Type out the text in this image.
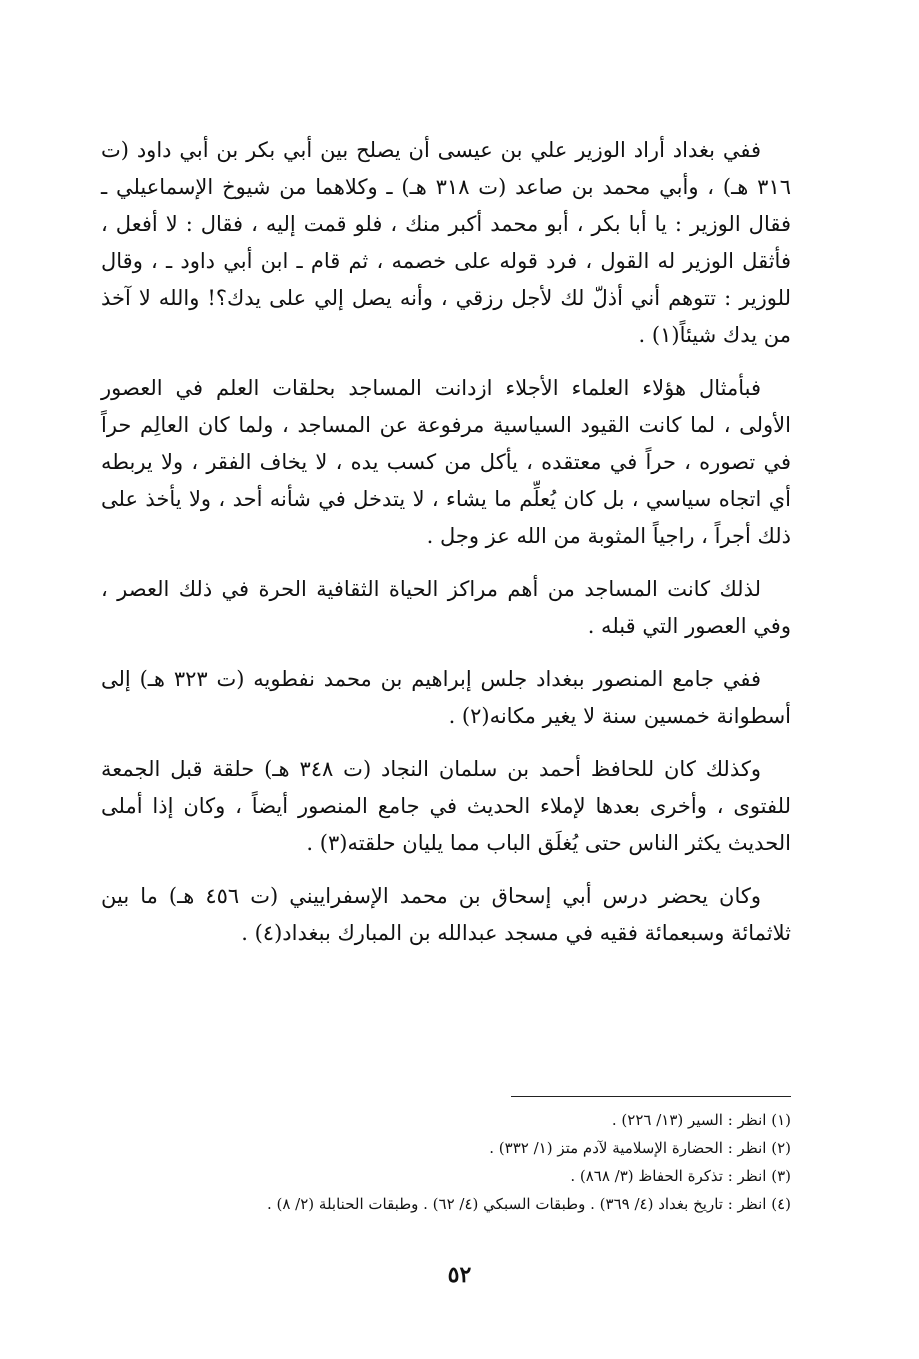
ففي بغداد أراد الوزير علي بن عيسى أن يصلح بين أبي بكر بن أبي داود (ت ٣١٦ هـ) ، وأبي محمد بن صاعد (ت ٣١٨ هـ) ـ وكلاهما من شيوخ الإسماعيلي ـ فقال الوزير : يا أبا بكر ، أبو محمد أكبر منك ، فلو قمت إليه ، فقال : لا أفعل ، فأثقل الوزير له القول ، فرد قوله على خصمه ، ثم قام ـ ابن أبي داود ـ ، وقال للوزير : تتوهم أني أذلّ لك لأجل رزقي ، وأنه يصل إلي على يدك؟! والله لا آخذ من يدك شيئاً(١) .

فبأمثال هؤلاء العلماء الأجلاء ازدانت المساجد بحلقات العلم في العصور الأولى ، لما كانت القيود السياسية مرفوعة عن المساجد ، ولما كان العالِم حراً في تصوره ، حراً في معتقده ، يأكل من كسب يده ، لا يخاف الفقر ، ولا يربطه أي اتجاه سياسي ، بل كان يُعلِّم ما يشاء ، لا يتدخل في شأنه أحد ، ولا يأخذ على ذلك أجراً ، راجياً المثوبة من الله عز وجل .

لذلك كانت المساجد من أهم مراكز الحياة الثقافية الحرة في ذلك العصر ، وفي العصور التي قبله .

ففي جامع المنصور ببغداد جلس إبراهيم بن محمد نفطويه (ت ٣٢٣ هـ) إلى أسطوانة خمسين سنة لا يغير مكانه(٢) .

وكذلك كان للحافظ أحمد بن سلمان النجاد (ت ٣٤٨ هـ) حلقة قبل الجمعة للفتوى ، وأخرى بعدها لإملاء الحديث في جامع المنصور أيضاً ، وكان إذا أملى الحديث يكثر الناس حتى يُغلَق الباب مما يليان حلقته(٣) .

وكان يحضر درس أبي إسحاق بن محمد الإسفراييني (ت ٤٥٦ هـ) ما بين ثلاثمائة وسبعمائة فقيه في مسجد عبدالله بن المبارك ببغداد(٤) .

(١) انظر : السير (١٣/ ٢٢٦) .

(٢) انظر : الحضارة الإسلامية لآدم متز (١/ ٣٣٢) .

(٣) انظر : تذكرة الحفاظ (٣/ ٨٦٨) .

(٤) انظر : تاريخ بغداد (٤/ ٣٦٩) . وطبقات السبكي (٤/ ٦٢) . وطبقات الحنابلة (٢/ ٨) .

٥٢
